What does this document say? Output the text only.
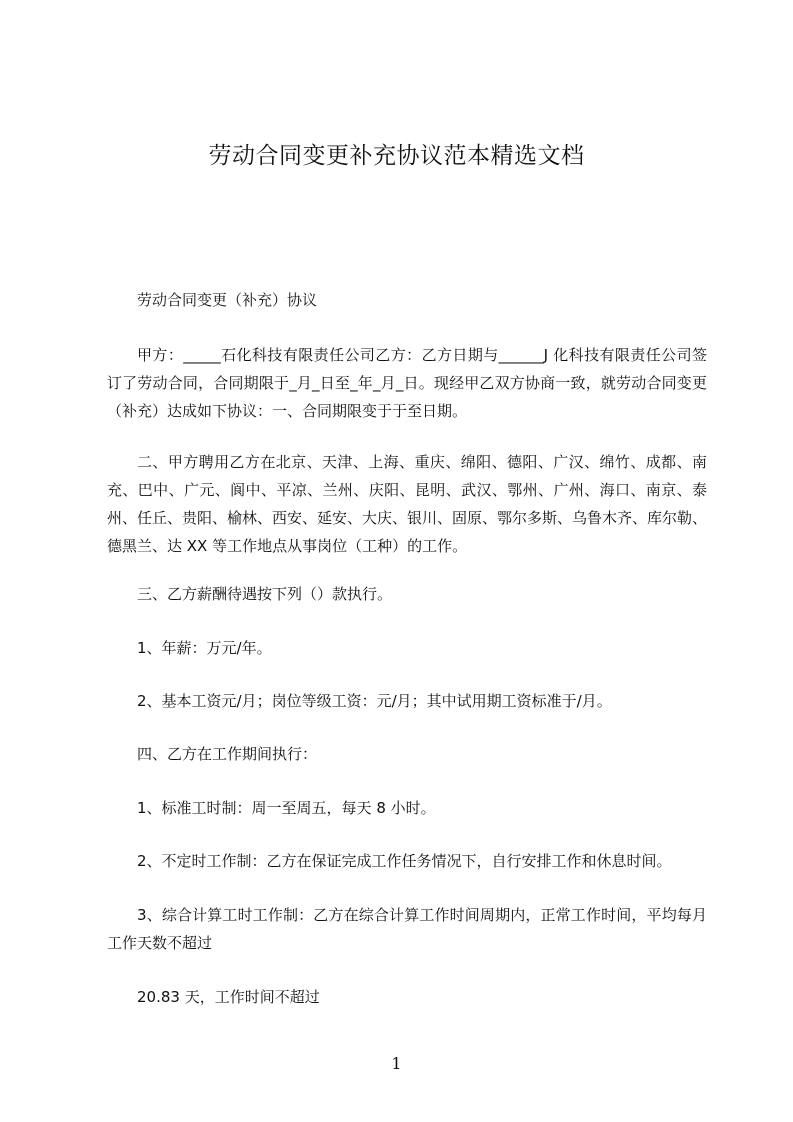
劳动合同变更补充协议范本精选文档

劳动合同变更（补充）协议

甲方：_____石化科技有限责任公司乙方：乙方日期与______J 化科技有限责任公司签订了劳动合同，合同期限于_月_日至_年_月_日。现经甲乙双方协商一致，就劳动合同变更（补充）达成如下协议：一、合同期限变于于至日期。

二、甲方聘用乙方在北京、天津、上海、重庆、绵阳、德阳、广汉、绵竹、成都、南充、巴中、广元、阆中、平凉、兰州、庆阳、昆明、武汉、鄂州、广州、海口、南京、泰州、任丘、贵阳、榆林、西安、延安、大庆、银川、固原、鄂尔多斯、乌鲁木齐、库尔勒、德黑兰、达 XX 等工作地点从事岗位（工种）的工作。

三、乙方薪酬待遇按下列（）款执行。

1、年薪：万元/年。

2、基本工资元/月；岗位等级工资：元/月；其中试用期工资标准于/月。

四、乙方在工作期间执行：

1、标准工时制：周一至周五，每天 8 小时。

2、不定时工作制：乙方在保证完成工作任务情况下，自行安排工作和休息时间。

3、综合计算工时工作制：乙方在综合计算工作时间周期内，正常工作时间，平均每月工作天数不超过

20.83 天，工作时间不超过

1
